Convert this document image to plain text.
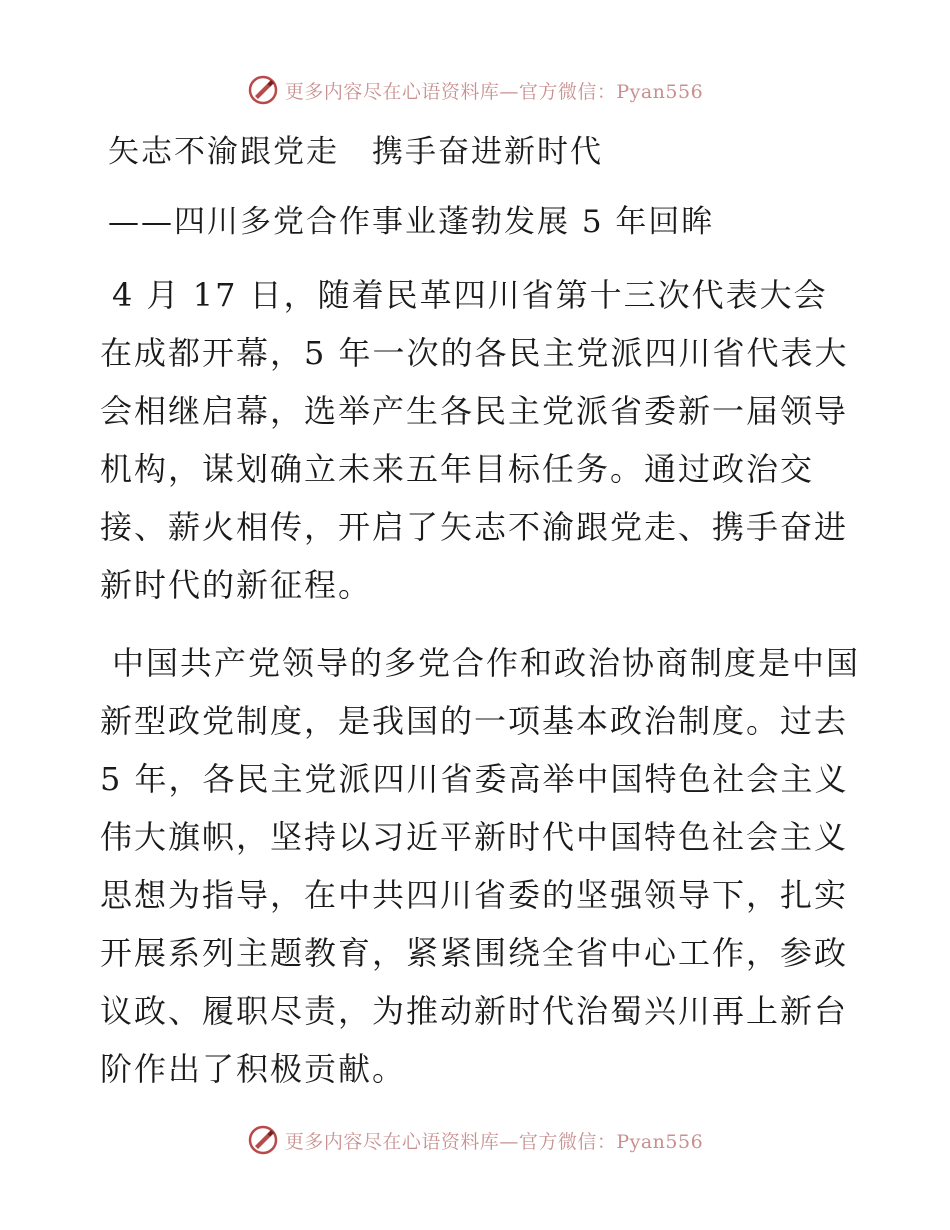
更多内容尽在心语资料库—官方微信：Pyan556
矢志不渝跟党走　携手奋进新时代
——四川多党合作事业蓬勃发展 5 年回眸

4 月 17 日，随着民革四川省第十三次代表大会在成都开幕，5 年一次的各民主党派四川省代表大会相继启幕，选举产生各民主党派省委新一届领导机构，谋划确立未来五年目标任务。通过政治交接、薪火相传，开启了矢志不渝跟党走、携手奋进新时代的新征程。

中国共产党领导的多党合作和政治协商制度是中国新型政党制度，是我国的一项基本政治制度。过去 5 年，各民主党派四川省委高举中国特色社会主义伟大旗帜，坚持以习近平新时代中国特色社会主义思想为指导，在中共四川省委的坚强领导下，扎实开展系列主题教育，紧紧围绕全省中心工作，参政议政、履职尽责，为推动新时代治蜀兴川再上新台阶作出了积极贡献。

更多内容尽在心语资料库—官方微信：Pyan556
